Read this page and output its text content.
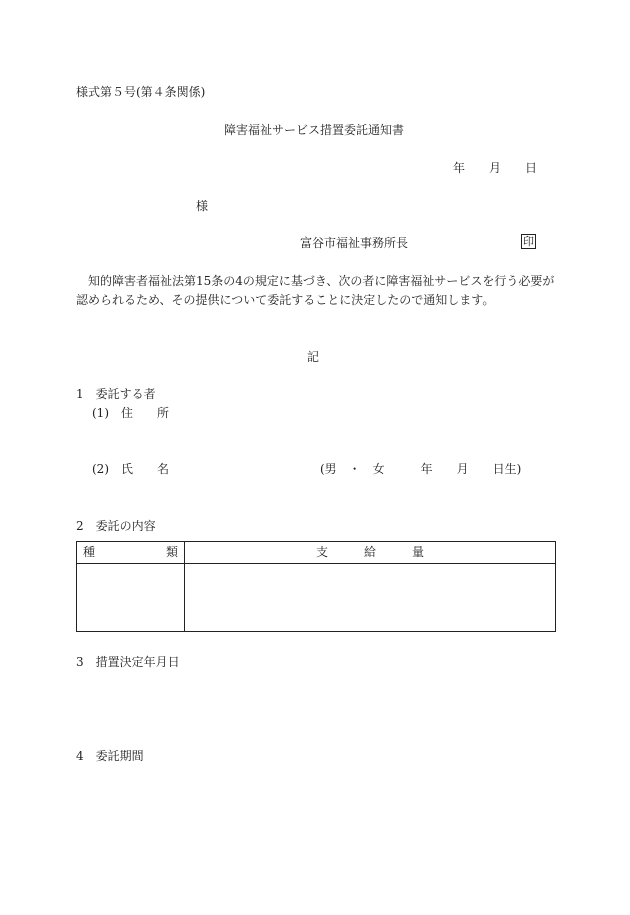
様式第５号(第４条関係)
障害福祉サービス措置委託通知書
年　　月　　日
様
富谷市福祉事務所長	印
　知的障害者福祉法第15条の4の規定に基づき、次の者に障害福祉サービスを行う必要が
認められるため、その提供について委託することに決定したので通知します。
記
1　委託する者
(1)　住　　所
(2)　氏　　名	(男　・　女　　　年　　月　　日生)
2　委託の内容
種 類	支　　　給　　　量

3　措置決定年月日
4　委託期間
